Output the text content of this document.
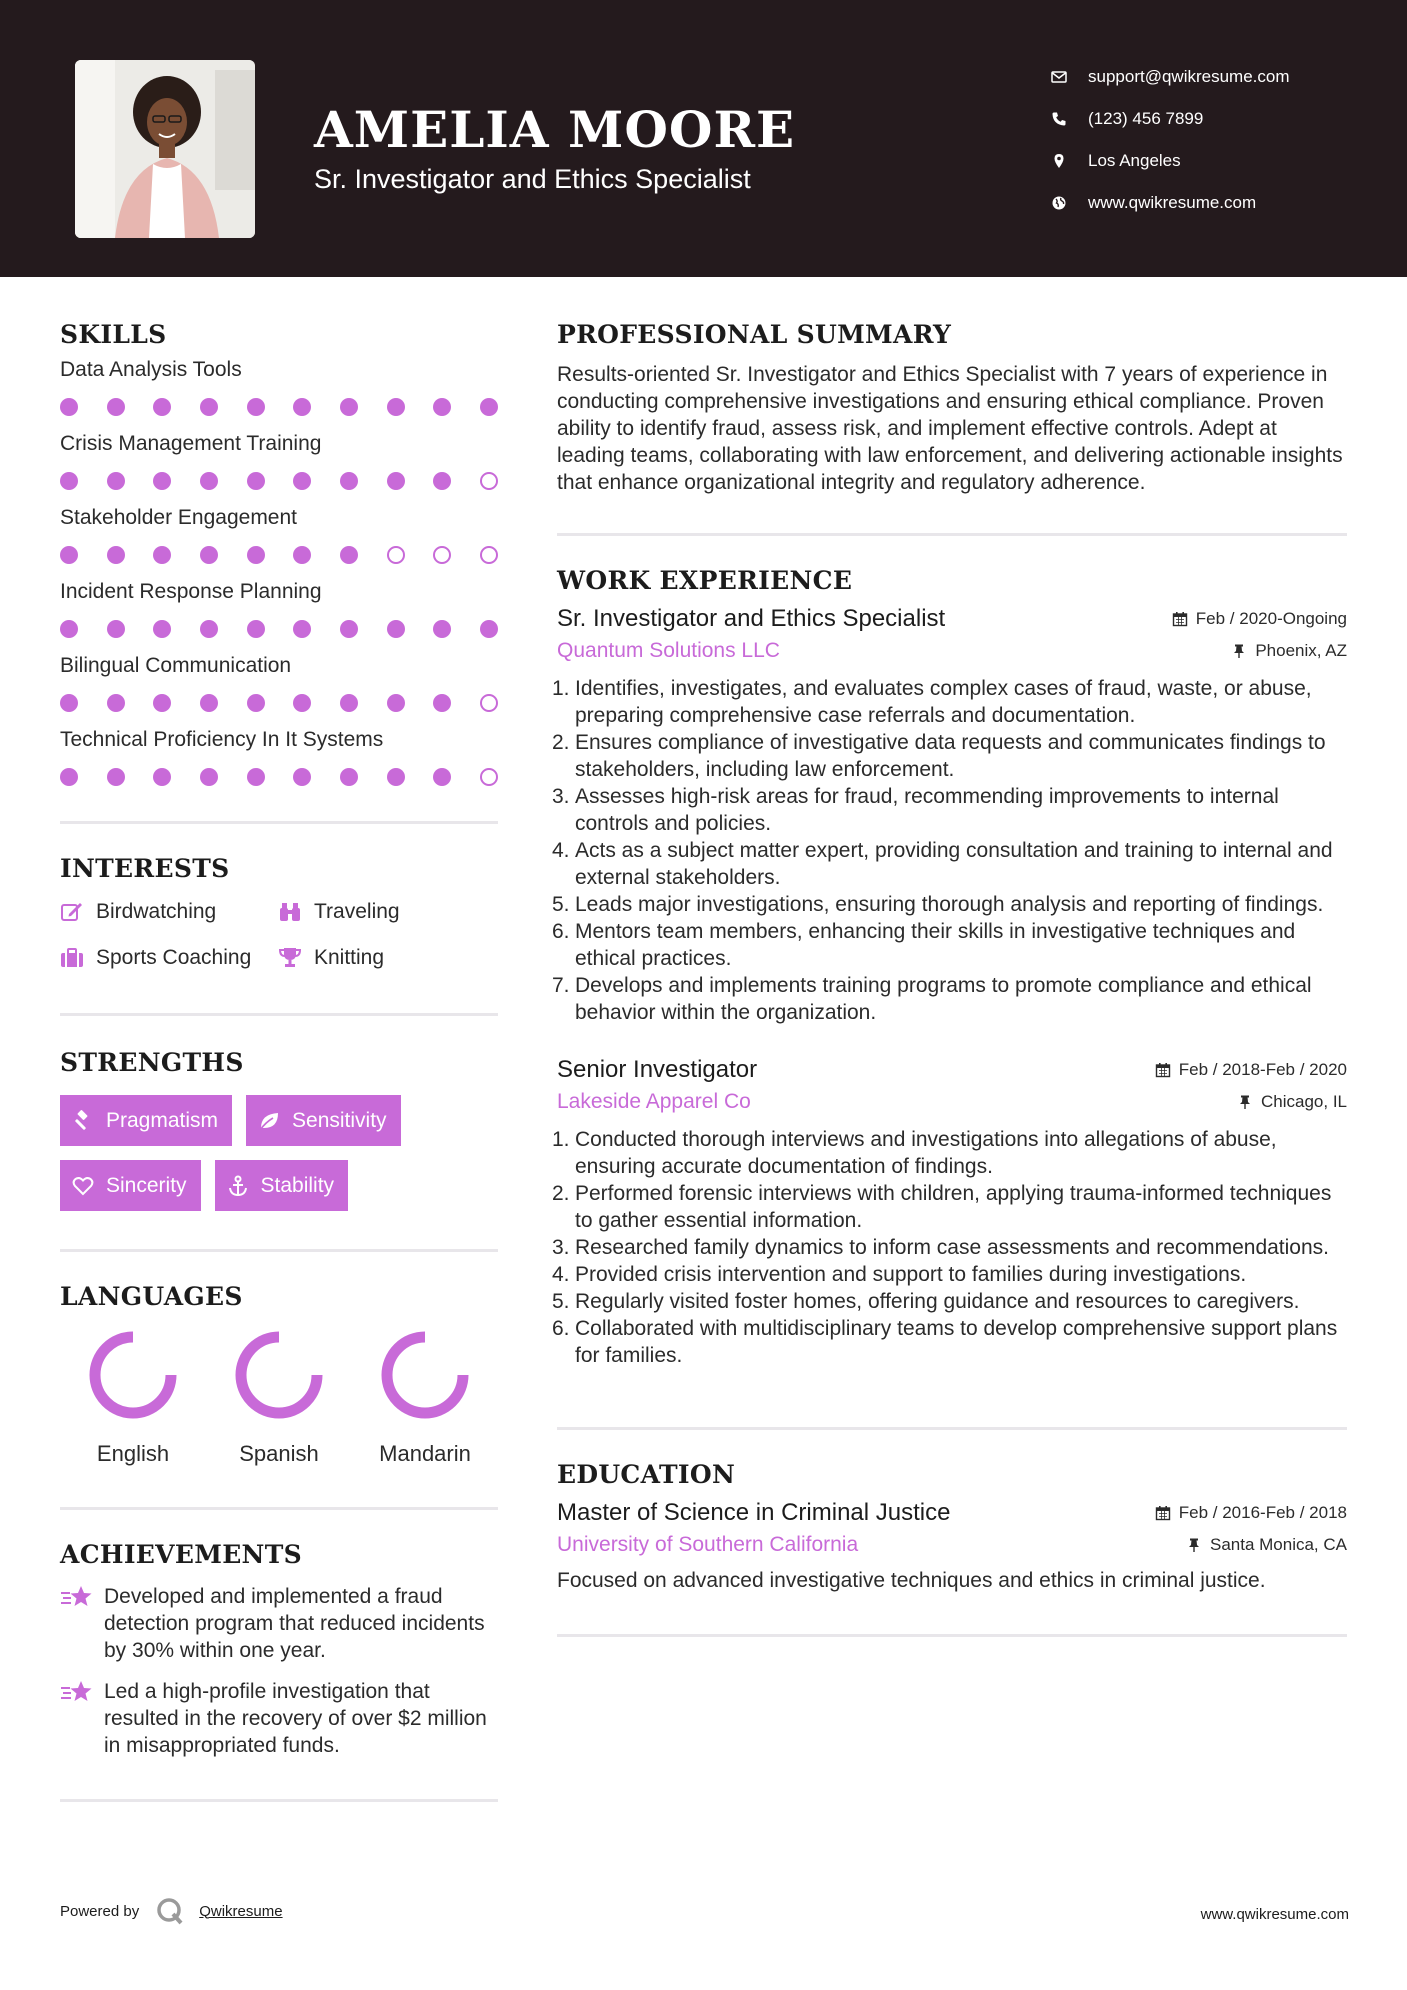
AMELIA MOORE
Sr. Investigator and Ethics Specialist
support@qwikresume.com
(123) 456 7899
Los Angeles
www.qwikresume.com
SKILLS
Data Analysis Tools
Crisis Management Training
Stakeholder Engagement
Incident Response Planning
Bilingual Communication
Technical Proficiency In It Systems
INTERESTS
Birdwatching	Traveling
Sports Coaching	Knitting
STRENGTHS
Pragmatism	Sensitivity
Sincerity	Stability
LANGUAGES
English	Spanish	Mandarin
ACHIEVEMENTS
Developed and implemented a fraud detection program that reduced incidents by 30% within one year.
Led a high-profile investigation that resulted in the recovery of over $2 million in misappropriated funds.
PROFESSIONAL SUMMARY

Results-oriented Sr. Investigator and Ethics Specialist with 7 years of experience in conducting comprehensive investigations and ensuring ethical compliance. Proven ability to identify fraud, assess risk, and implement effective controls. Adept at leading teams, collaborating with law enforcement, and delivering actionable insights that enhance organizational integrity and regulatory adherence.

WORK EXPERIENCE
Sr. Investigator and Ethics Specialist	Feb / 2020-Ongoing
Quantum Solutions LLC	Phoenix, AZ
1. Identifies, investigates, and evaluates complex cases of fraud, waste, or abuse, preparing comprehensive case referrals and documentation.
2. Ensures compliance of investigative data requests and communicates findings to stakeholders, including law enforcement.
3. Assesses high-risk areas for fraud, recommending improvements to internal controls and policies.
4. Acts as a subject matter expert, providing consultation and training to internal and external stakeholders.
5. Leads major investigations, ensuring thorough analysis and reporting of findings.
6. Mentors team members, enhancing their skills in investigative techniques and ethical practices.
7. Develops and implements training programs to promote compliance and ethical behavior within the organization.
Senior Investigator	Feb / 2018-Feb / 2020
Lakeside Apparel Co	Chicago, IL
1. Conducted thorough interviews and investigations into allegations of abuse, ensuring accurate documentation of findings.
2. Performed forensic interviews with children, applying trauma-informed techniques to gather essential information.
3. Researched family dynamics to inform case assessments and recommendations.
4. Provided crisis intervention and support to families during investigations.
5. Regularly visited foster homes, offering guidance and resources to caregivers.
6. Collaborated with multidisciplinary teams to develop comprehensive support plans for families.
EDUCATION
Master of Science in Criminal Justice	Feb / 2016-Feb / 2018
University of Southern California	Santa Monica, CA

Focused on advanced investigative techniques and ethics in criminal justice.

Powered by	Qwikresume	www.qwikresume.com
